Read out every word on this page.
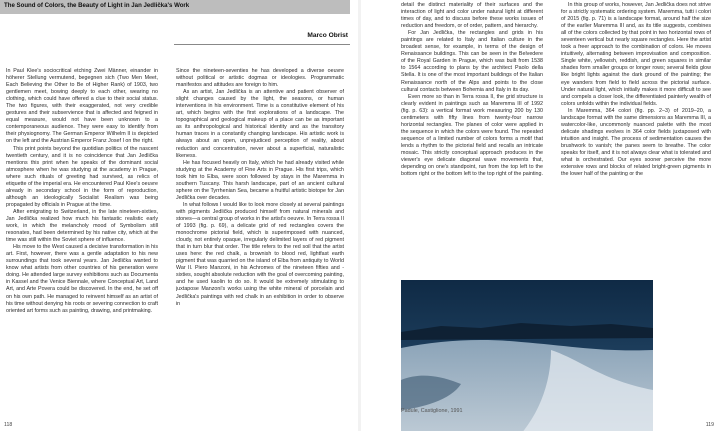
The Sound of Colors, the Beauty of Light in Jan Jedlička's Work
Marco Obrist

In Paul Klee's sociocritical etching Zwei Männer, einander in höherer Stellung vermutend, begegnen sich (Two Men Meet, Each Believing the Other to Be of Higher Rank) of 1903, two gentlemen meet, bowing deeply to each other, wearing no clothing, which could have offered a clue to their social status. The two figures, with their exaggerated, not very credible gestures and their subservience that is affected and feigned in equal measure, would not have been unknown to a contemporaneous audience. They were easy to identify from their physiognomy. The German Emperor Wilhelm II is depicted on the left and the Austrian Emperor Franz Josef I on the right.

This print points beyond the quotidian politics of the nascent twentieth century, and it is no coincidence that Jan Jedlička mentions this print when he speaks of the dominant social atmosphere when he was studying at the academy in Prague, where such rituals of greeting had survived, as relics of etiquette of the imperial era. He encountered Paul Klee's oeuvre already in secondary school in the form of reproduction, although an ideologically Socialist Realism was being propagated by officials in Prague at the time.

After emigrating to Switzerland, in the late nineteen-sixties, Jan Jedlička realized how much his fantastic realistic early work, in which the melancholy mood of Symbolism still resonates, had been determined by his native city, which at the time was still within the Soviet sphere of influence.

His move to the West caused a decisive transformation in his art. First, however, there was a gentle adaptation to his new surroundings that took several years. Jan Jedlička wanted to know what artists from other countries of his generation were doing. He attended large survey exhibitions such as Documenta in Kassel and the Venice Biennale, where Conceptual Art, Land Art, and Arte Povera could be discovered. In the end, he set off on his own path. He managed to reinvent himself as an artist of his time without denying his roots or severing connection to craft oriented art forms such as painting, drawing, and printmaking.

Since the nineteen-seventies he has developed a diverse oeuvre without political or artistic dogmas or ideologies. Programmatic manifestos and attitudes are foreign to him.

As an artist, Jan Jedlička is an attentive and patient observer of slight changes caused by the light, the seasons, or human interventions in his environment. Time is a constitutive element of his art, which begins with the first explorations of a landscape. The topographical and geological makeup of a place can be as important as its anthropological and historical identity and as the transitory human traces in a constantly changing landscape. His artistic work is always about an open, unprejudiced perception of reality, about reduction and concentration, never about a superficial, naturalistic likeness.

He has focused heavily on Italy, which he had already visited while studying at the Academy of Fine Arts in Prague. His first trips, which took him to Elba, were soon followed by stays in the Maremma in southern Tuscany. This harsh landscape, part of an ancient cultural sphere on the Tyrrhenian Sea, became a fruitful artistic biotope for Jan Jedlička over decades.

In what follows I would like to look more closely at several paintings with pigments Jedlička produced himself from natural minerals and stones—a central group of works in the artist's oeuvre. In Terra rossa II of 1993 (fig. p. 69), a delicate grid of red rectangles covers the monochrome pictorial field, which is superimposed with nuanced, cloudy, not entirely opaque, irregularly delimited layers of red pigment that in turn blur that order. The title refers to the red soil that the artist uses here: the red chalk, a brownish to blood red, lightfast earth pigment that was quarried on the island of Elba from antiquity to World War II. Piero Manzoni, in his Achromes of the nineteen fifties and -sixties, sought absolute reduction with the goal of overcoming painting, and he used kaolin to do so. It would be extremely stimulating to juxtapose Manzoni's works using the white mineral of porcelain and Jedlička's paintings with red chalk in an exhibition in order to observe in

118

detail the distinct materiality of their surfaces and the interaction of light and color under natural light at different times of day, and to discuss before these works issues of reduction and freedom, or of order, pattern, and hierarchy.

For Jan Jedlička, the rectangles and grids in his paintings are related to Italy and Italian culture in the broadest sense, for example, in terms of the design of Renaissance buildings. This can be seen in the Belvedere of the Royal Garden in Prague, which was built from 1538 to 1564 according to plans by the architect Paolo della Stella. It is one of the most important buildings of the Italian Renaissance north of the Alps and points to the close cultural contacts between Bohemia and Italy in its day.

Even more so than in Terra rossa II, the grid structure is clearly evident in paintings such as Maremma III of 1992 (fig. p. 63): a vertical format work measuring 200 by 130 centimeters with fifty lines from twenty-four narrow horizontal rectangles. The planes of color were applied in the sequence in which the colors were found. The repeated sequence of a limited number of colors forms a motif that lends a rhythm to the pictorial field and recalls an intricate mosaic. This strictly conceptual approach produces in the viewer's eye delicate diagonal wave movements that, depending on one's standpoint, run from the top left to the bottom right or the bottom left to the top right of the painting.

In this group of works, however, Jan Jedlička does not strive for a strictly systematic ordering system. Maremma, tutti i colori of 2015 (fig. p. 71) is a landscape format, around half the size of the earlier Maremma III and, as its title suggests, combines all of the colors collected by that point in two horizontal rows of seventeen vertical but nearly square rectangles. Here the artist took a freer approach to the combination of colors. He moves intuitively, alternating between improvisation and composition. Single white, yellowish, reddish, and green squares in similar shades form smaller groups or longer rows; several fields glow like bright lights against the dark ground of the painting; the eye wanders from field to field across the pictorial surface. Under natural light, which initially makes it more difficult to see and compels a closer look, the differentiated painterly wealth of colors unfolds within the individual fields.

In Maremma, 364 colori (fig. pp. 2–3) of 2019–20, a landscape format with the same dimensions as Maremma III, a watercolor-like, uncommonly nuanced palette with the most delicate shadings evolves in 364 color fields juxtaposed with intuition and insight. The process of sedimentation causes the brushwork to vanish; the panes seem to breathe. The color speaks for itself, and it is not always clear what is tolerated and what is orchestrated. Our eyes sooner perceive the more extensive rows and blocks of related bright-green pigments in the lower half of the painting or the

Padule, Castiglione, 1991
119
